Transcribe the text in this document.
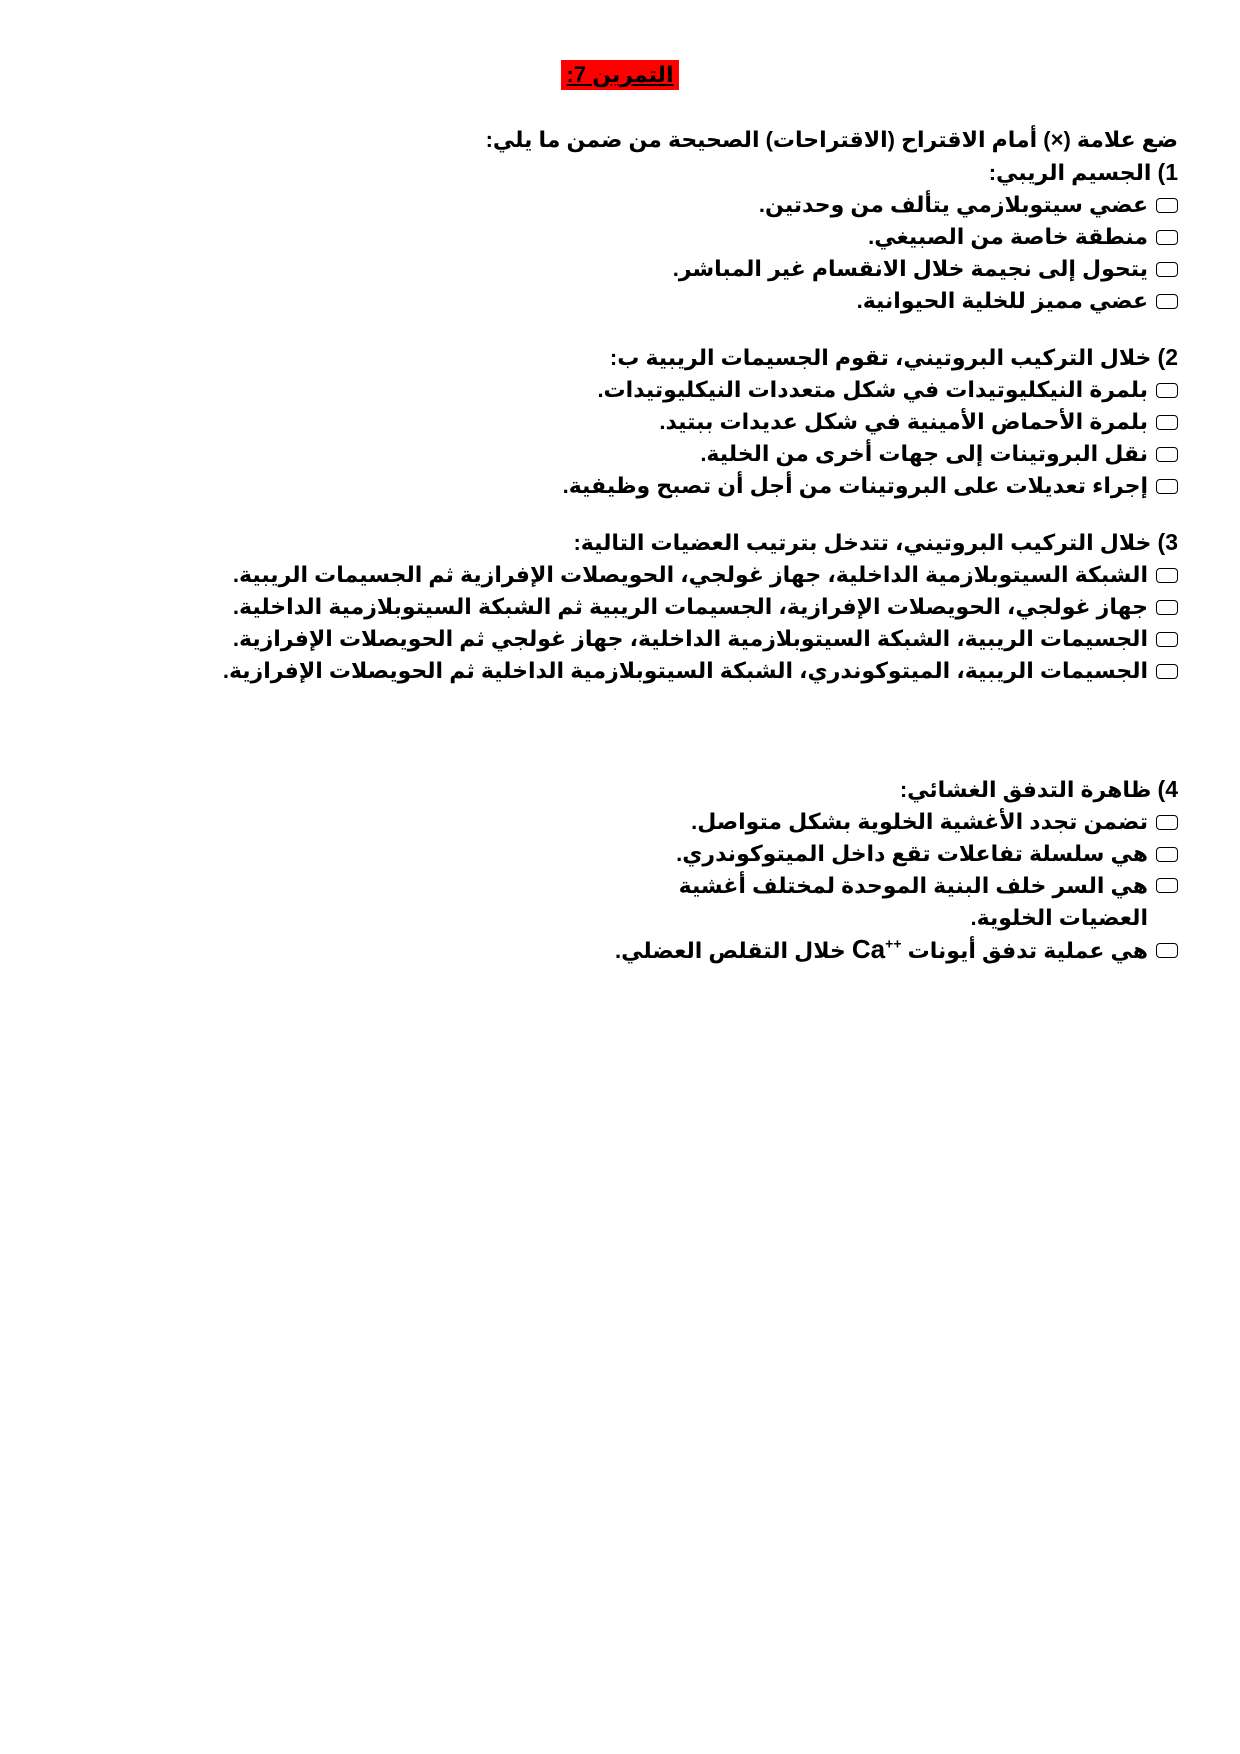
التمرين 7:

ضع علامة (×) أمام الاقتراح (الاقتراحات) الصحيحة من ضمن ما يلي:

1) الجسيم الريبي:

عضي سيتوبلازمي يتألف من وحدتين.
منطقة خاصة من الصبيغي.
يتحول إلى نجيمة خلال الانقسام غير المباشر.
عضي مميز للخلية الحيوانية.

2) خلال التركيب البروتيني، تقوم الجسيمات الريبية ب:

بلمرة النيكليوتيدات في شكل متعددات النيكليوتيدات.
بلمرة الأحماض الأمينية في شكل عديدات ببتيد.
نقل البروتينات إلى جهات أخرى من الخلية.
إجراء تعديلات على البروتينات من أجل أن تصبح وظيفية.

3) خلال التركيب البروتيني، تتدخل بترتيب العضيات التالية:

الشبكة السيتوبلازمية الداخلية، جهاز غولجي، الحويصلات الإفرازية ثم الجسيمات الريبية.
جهاز غولجي، الحويصلات الإفرازية، الجسيمات الريبية ثم الشبكة السيتوبلازمية الداخلية.
الجسيمات الريبية، الشبكة السيتوبلازمية الداخلية، جهاز غولجي ثم الحويصلات الإفرازية.
الجسيمات الريبية، الميتوكوندري، الشبكة السيتوبلازمية الداخلية ثم الحويصلات الإفرازية.

4) ظاهرة التدفق الغشائي:

تضمن تجدد الأغشية الخلوية بشكل متواصل.
هي سلسلة تفاعلات تقع داخل الميتوكوندري.
هي السر خلف البنية الموحدة لمختلف أغشية العضيات الخلوية.
هي عملية تدفق أيونات Ca++ خلال التقلص العضلي.
